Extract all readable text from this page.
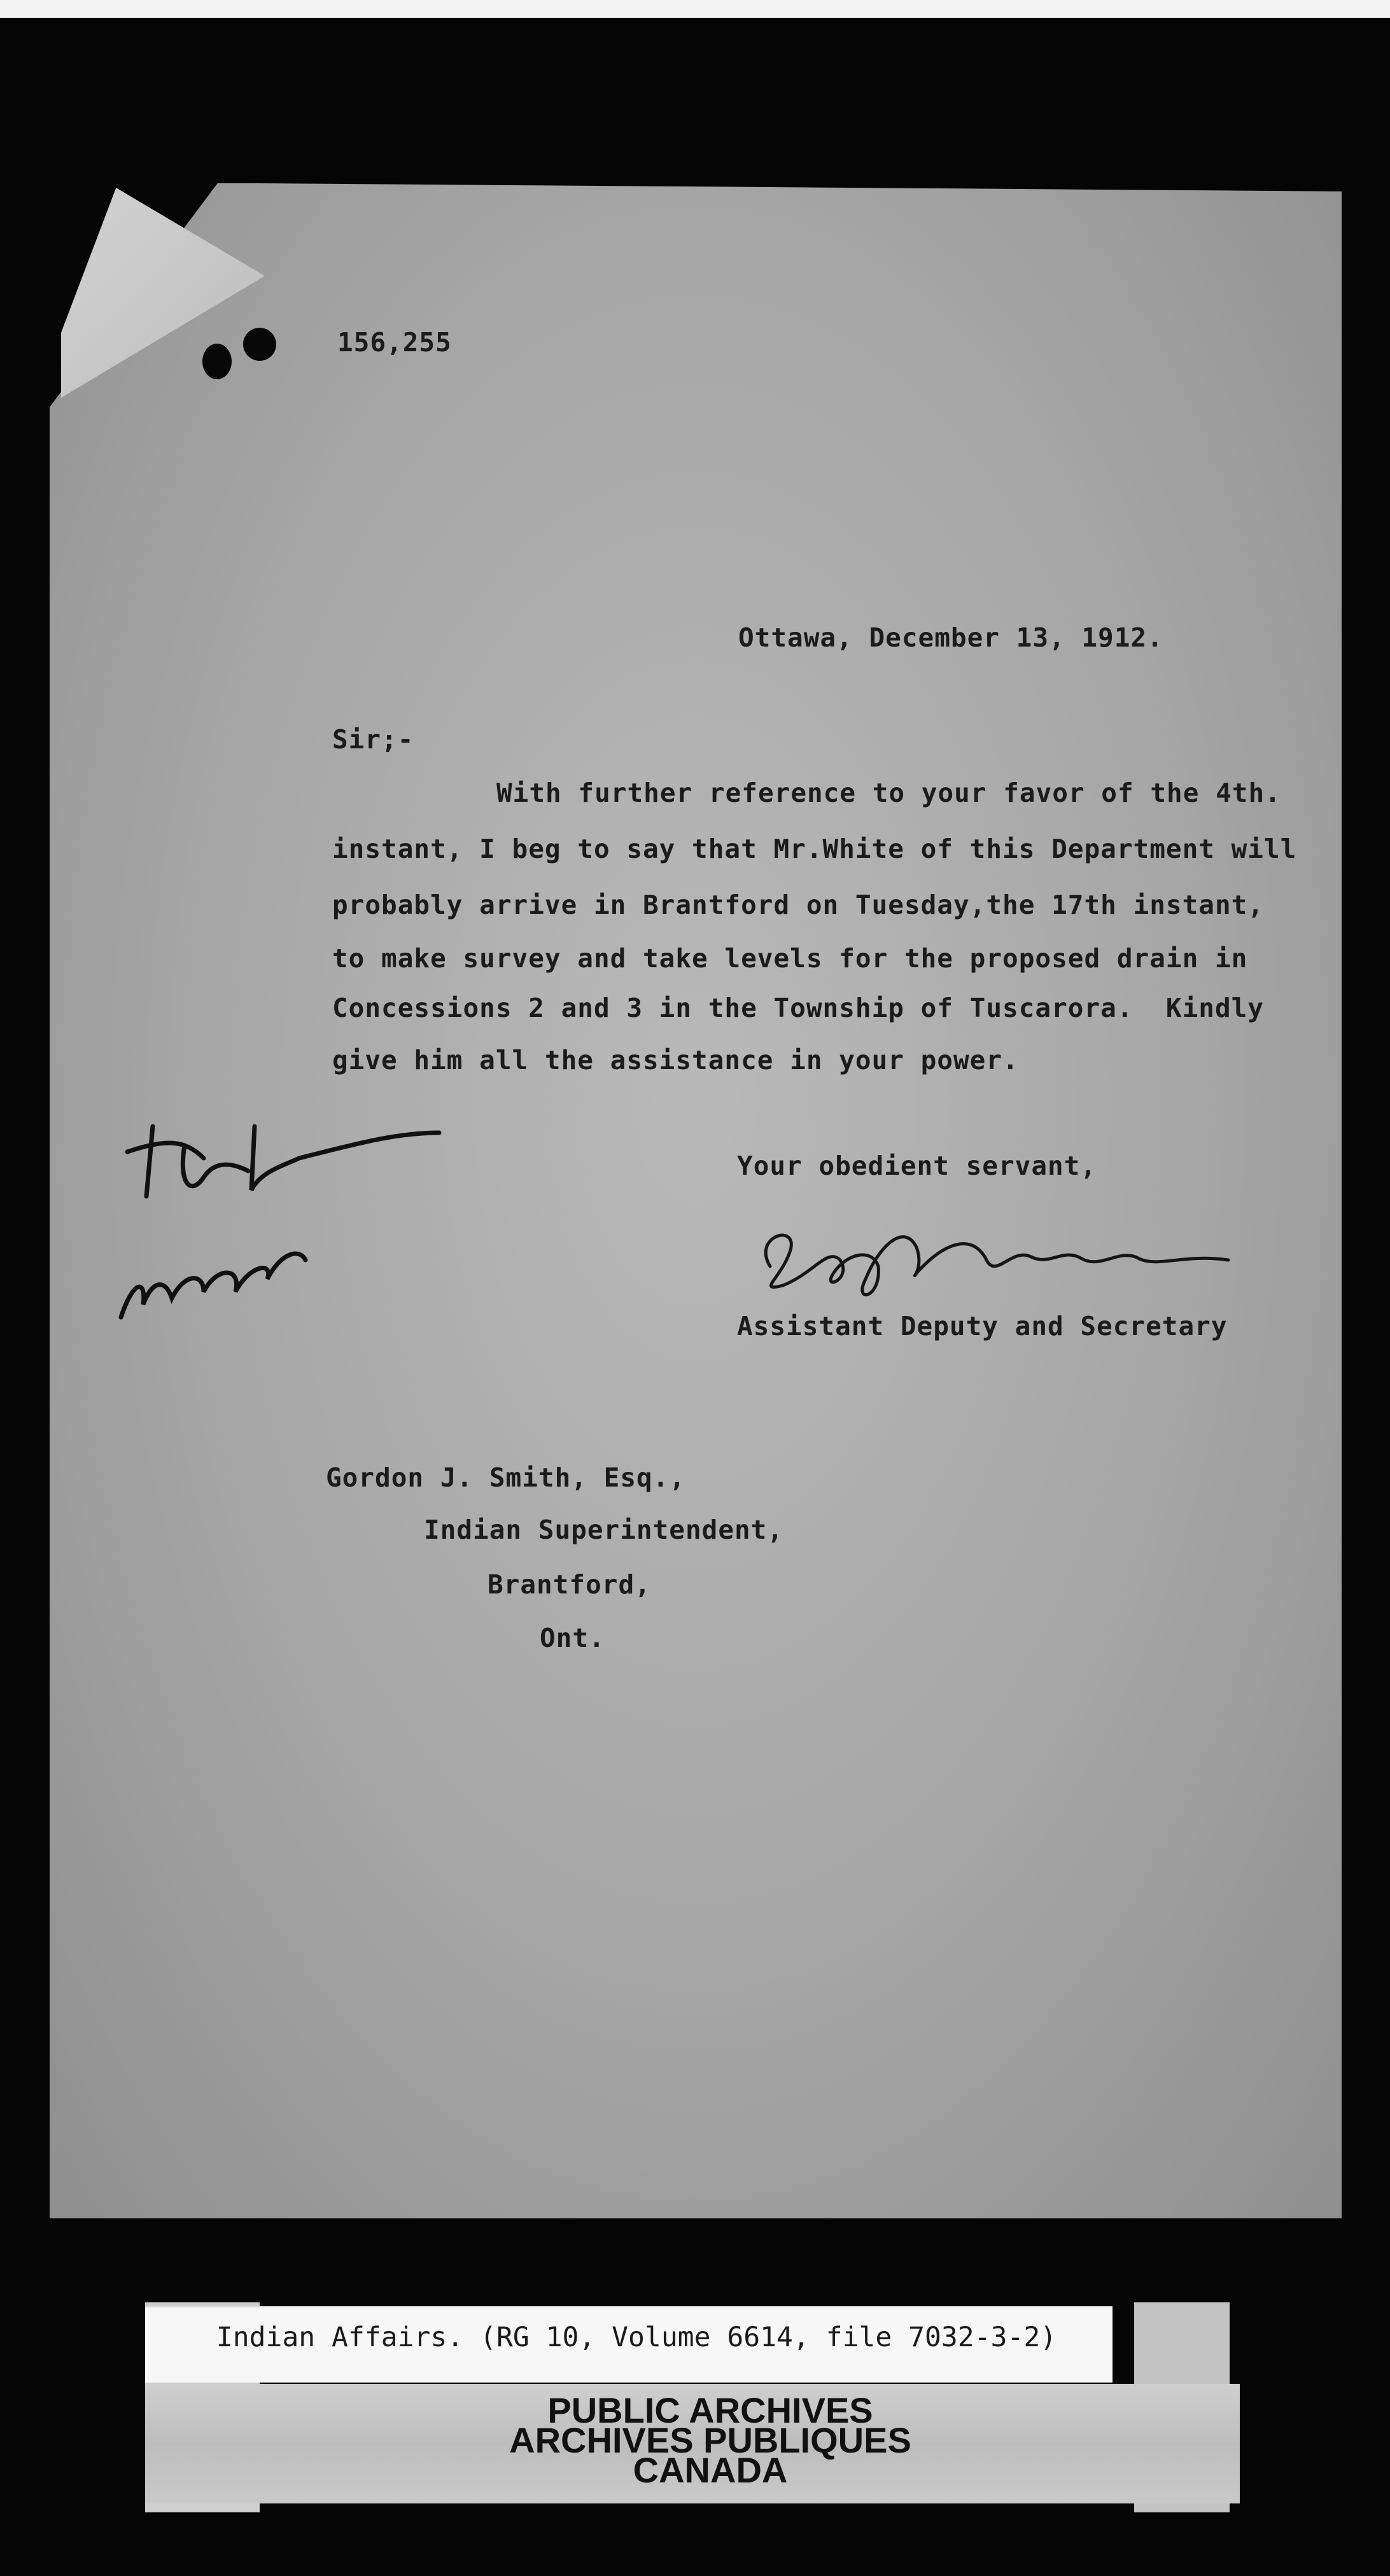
156,255
Ottawa, December 13, 1912.
Sir;-
With further reference to your favor of the 4th.
instant, I beg to say that Mr.White of this Department will
probably arrive in Brantford on Tuesday,the 17th instant,
to make survey and take levels for the proposed drain in
Concessions 2 and 3 in the Township of Tuscarora.  Kindly
give him all the assistance in your power.
Your obedient servant,
Assistant Deputy and Secretary
Gordon J. Smith, Esq.,
Indian Superintendent,
Brantford,
Ont.
Indian Affairs. (RG 10, Volume 6614, file 7032-3-2)
PUBLIC ARCHIVES
ARCHIVES PUBLIQUES
CANADA
